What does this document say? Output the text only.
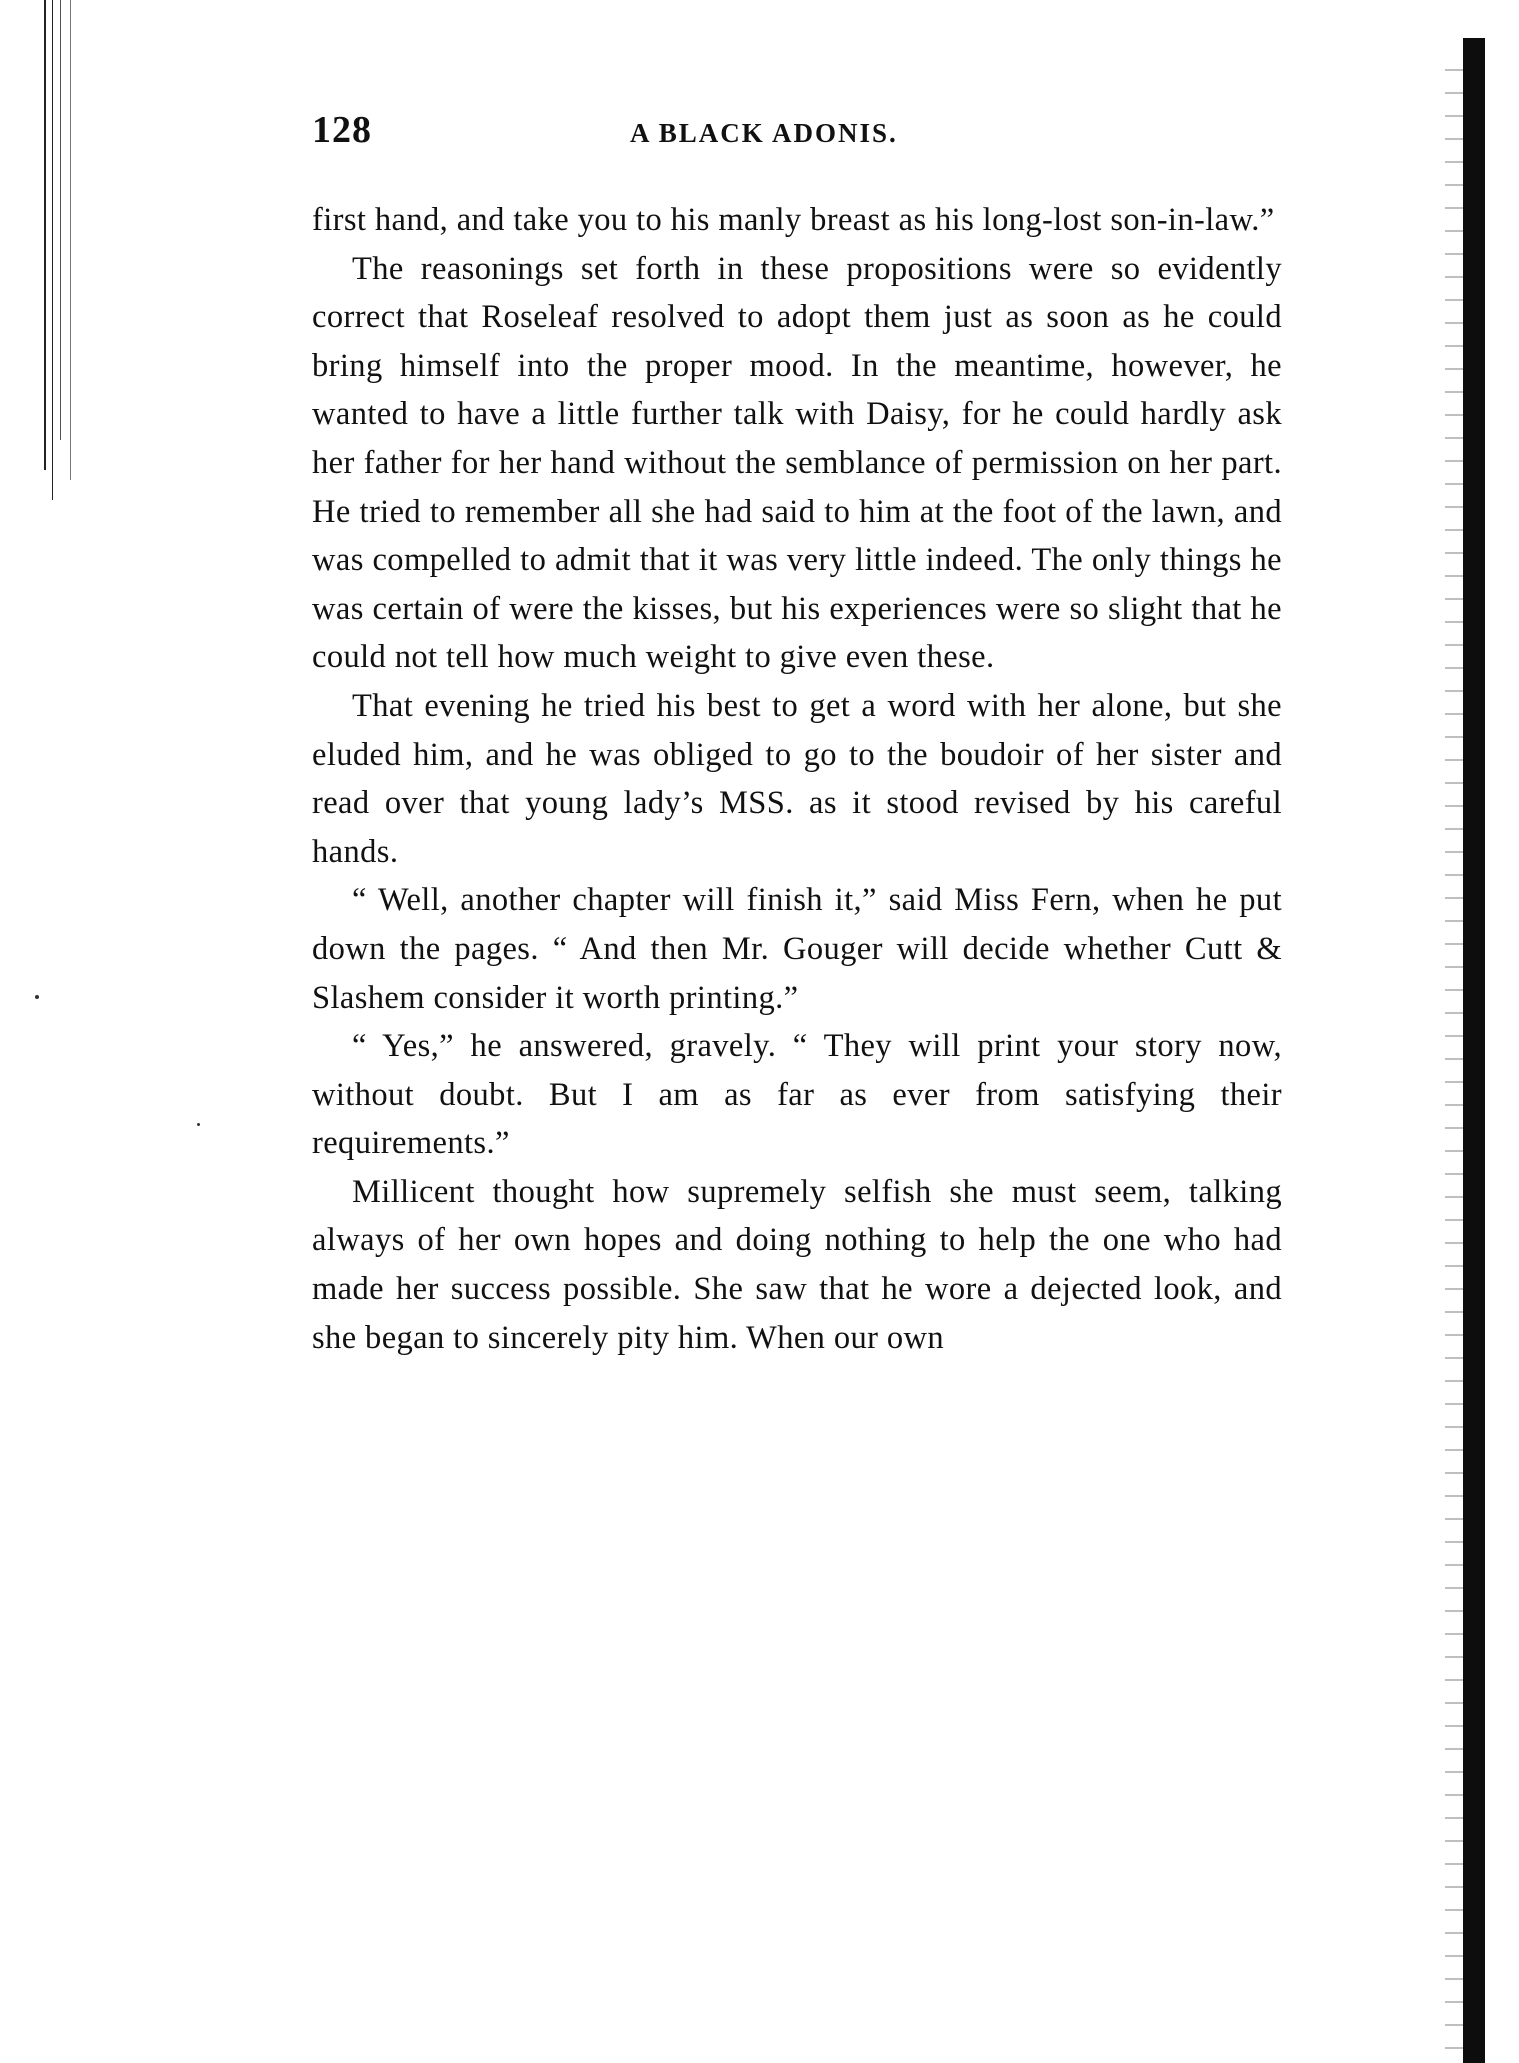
128	A BLACK ADONIS.

first hand, and take you to his manly breast as his long-lost son-in-law.”

The reasonings set forth in these propositions were so evidently correct that Roseleaf resolved to adopt them just as soon as he could bring himself into the proper mood. In the meantime, however, he wanted to have a little further talk with Daisy, for he could hardly ask her father for her hand without the semblance of permission on her part. He tried to remember all she had said to him at the foot of the lawn, and was compelled to admit that it was very little indeed. The only things he was certain of were the kisses, but his experiences were so slight that he could not tell how much weight to give even these.

That evening he tried his best to get a word with her alone, but she eluded him, and he was obliged to go to the boudoir of her sister and read over that young lady’s MSS. as it stood revised by his careful hands.

“ Well, another chapter will finish it,” said Miss Fern, when he put down the pages. “ And then Mr. Gouger will decide whether Cutt & Slashem consider it worth printing.”

“ Yes,” he answered, gravely. “ They will print your story now, without doubt. But I am as far as ever from satisfying their requirements.”

Millicent thought how supremely selfish she must seem, talking always of her own hopes and doing nothing to help the one who had made her success possible. She saw that he wore a dejected look, and she began to sincerely pity him. When our own
